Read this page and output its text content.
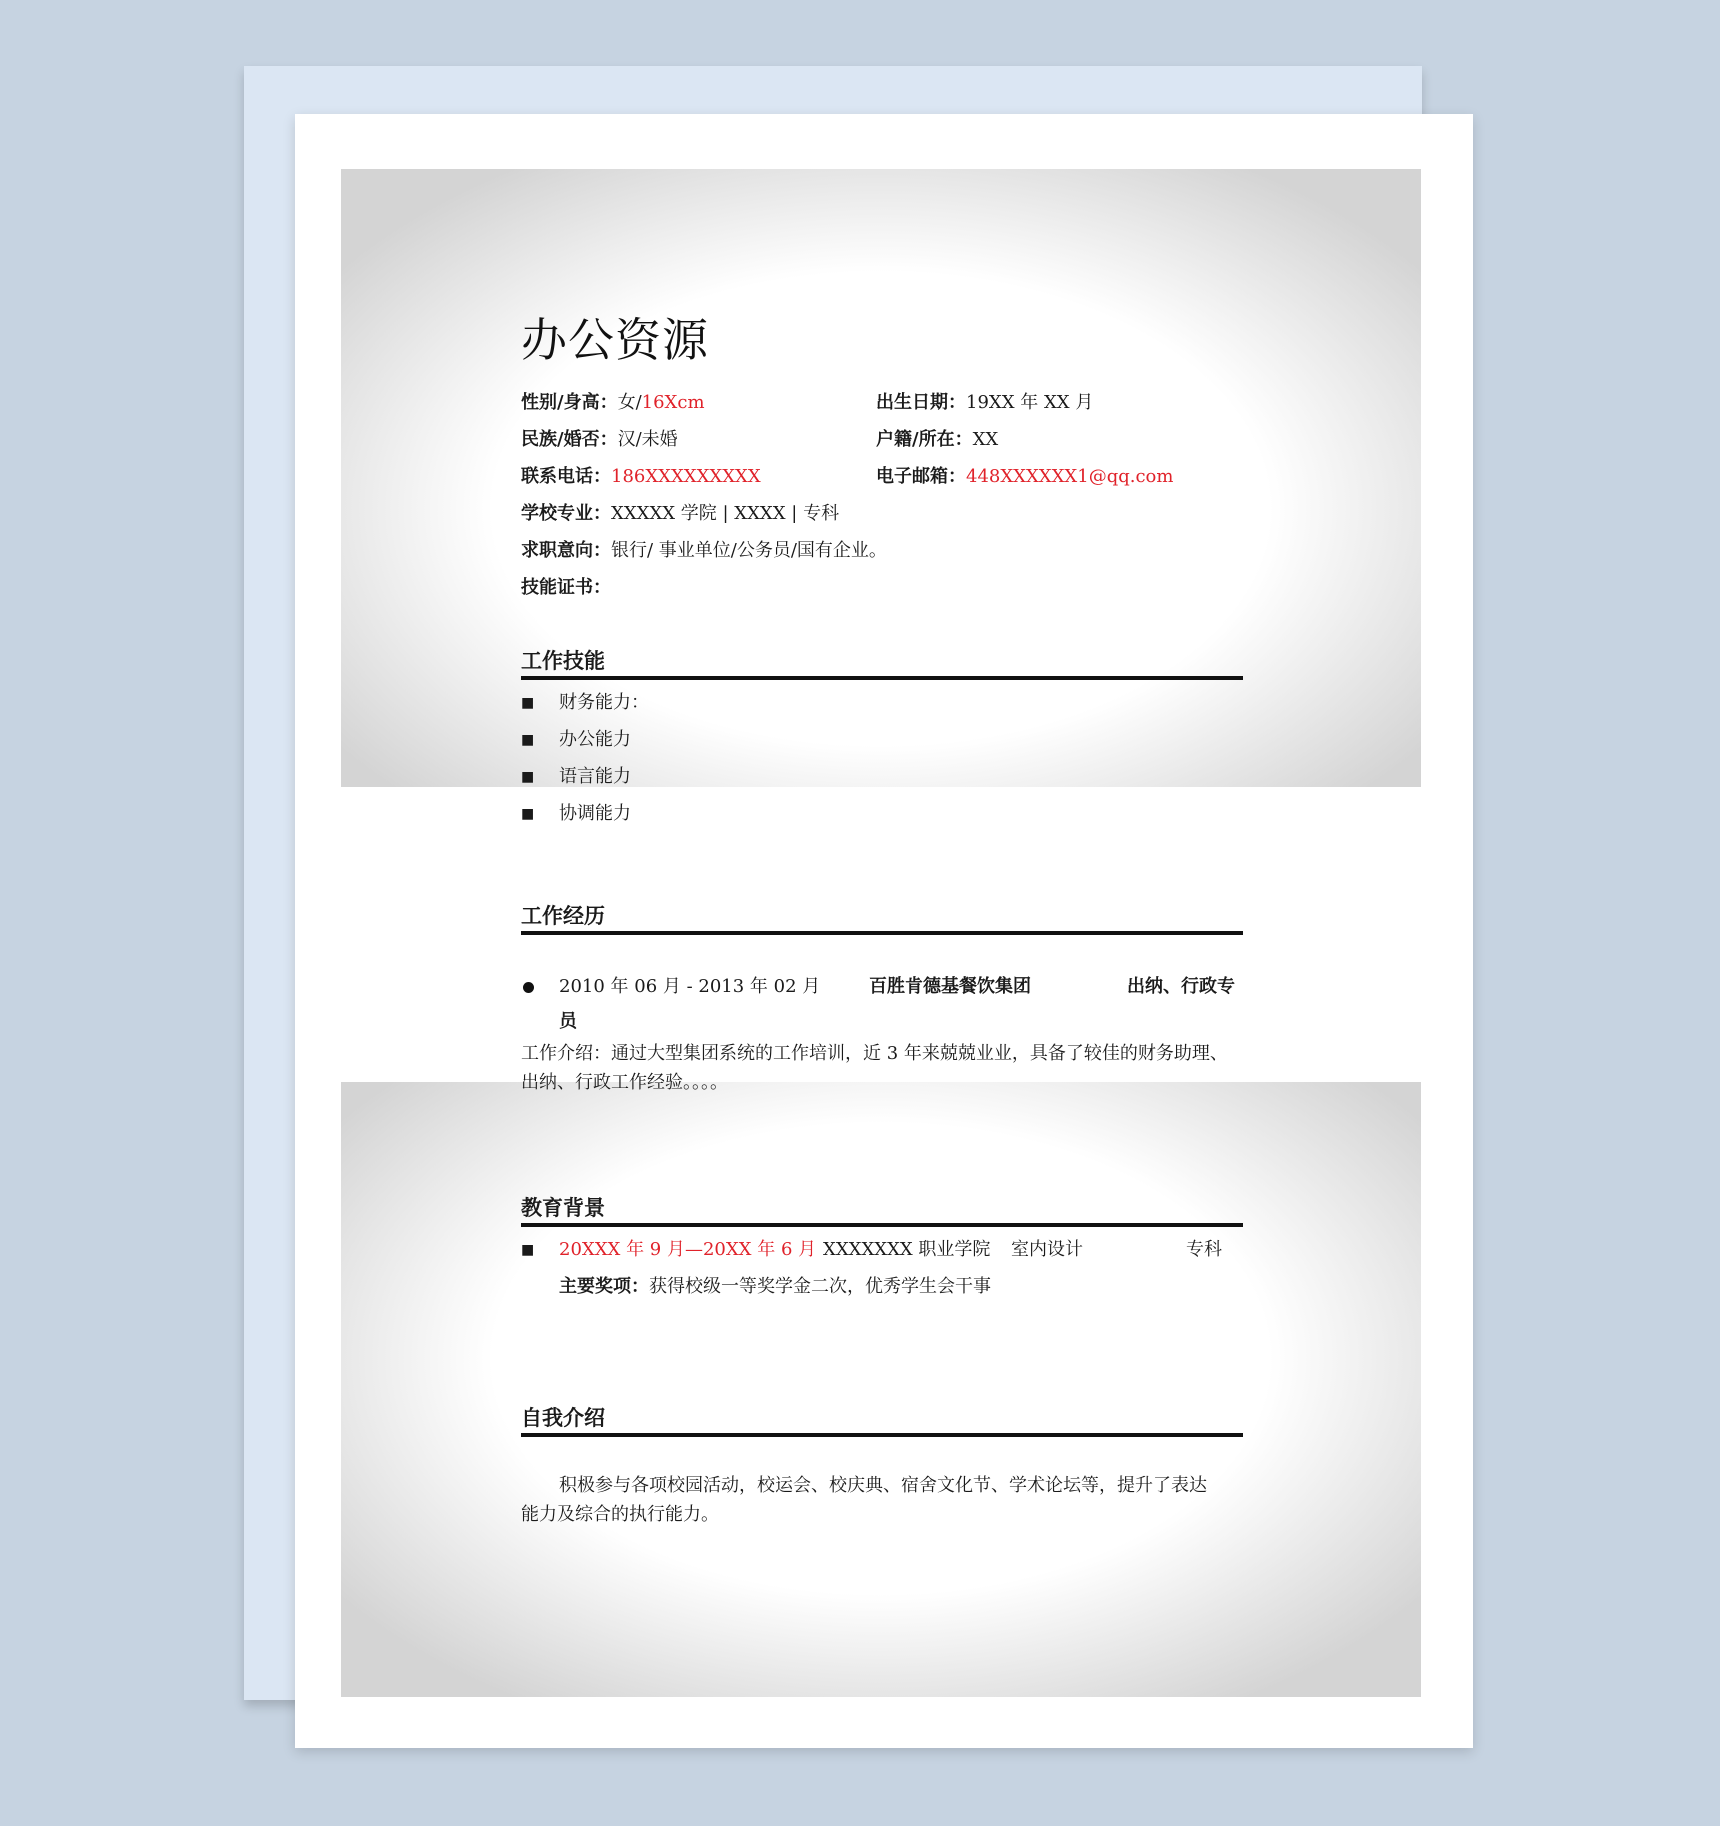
办公资源
性别/身高：女/16Xcm	出生日期：19XX 年 XX 月
民族/婚否：汉/未婚	户籍/所在：XX
联系电话：186XXXXXXXXX	电子邮箱：448XXXXXX1@qq.com
学校专业：XXXXX 学院 | XXXX | 专科
求职意向：银行/ 事业单位/公务员/国有企业。
技能证书：
工作技能
■ 财务能力：
■ 办公能力
■ 语言能力
■ 协调能力
工作经历
2010 年 06 月 - 2013 年 02 月	百胜肯德基餐饮集团	出纳、行政专
员
工作介绍：通过大型集团系统的工作培训，近 3 年来兢兢业业，具备了较佳的财务助理、
出纳、行政工作经验。。。。
教育背景
■ 20XXX 年 9 月—20XX 年 6 月 XXXXXXX 职业学院 室内设计	专科
主要奖项：获得校级一等奖学金二次，优秀学生会干事
自我介绍
积极参与各项校园活动，校运会、校庆典、宿舍文化节、学术论坛等，提升了表达
能力及综合的执行能力。
